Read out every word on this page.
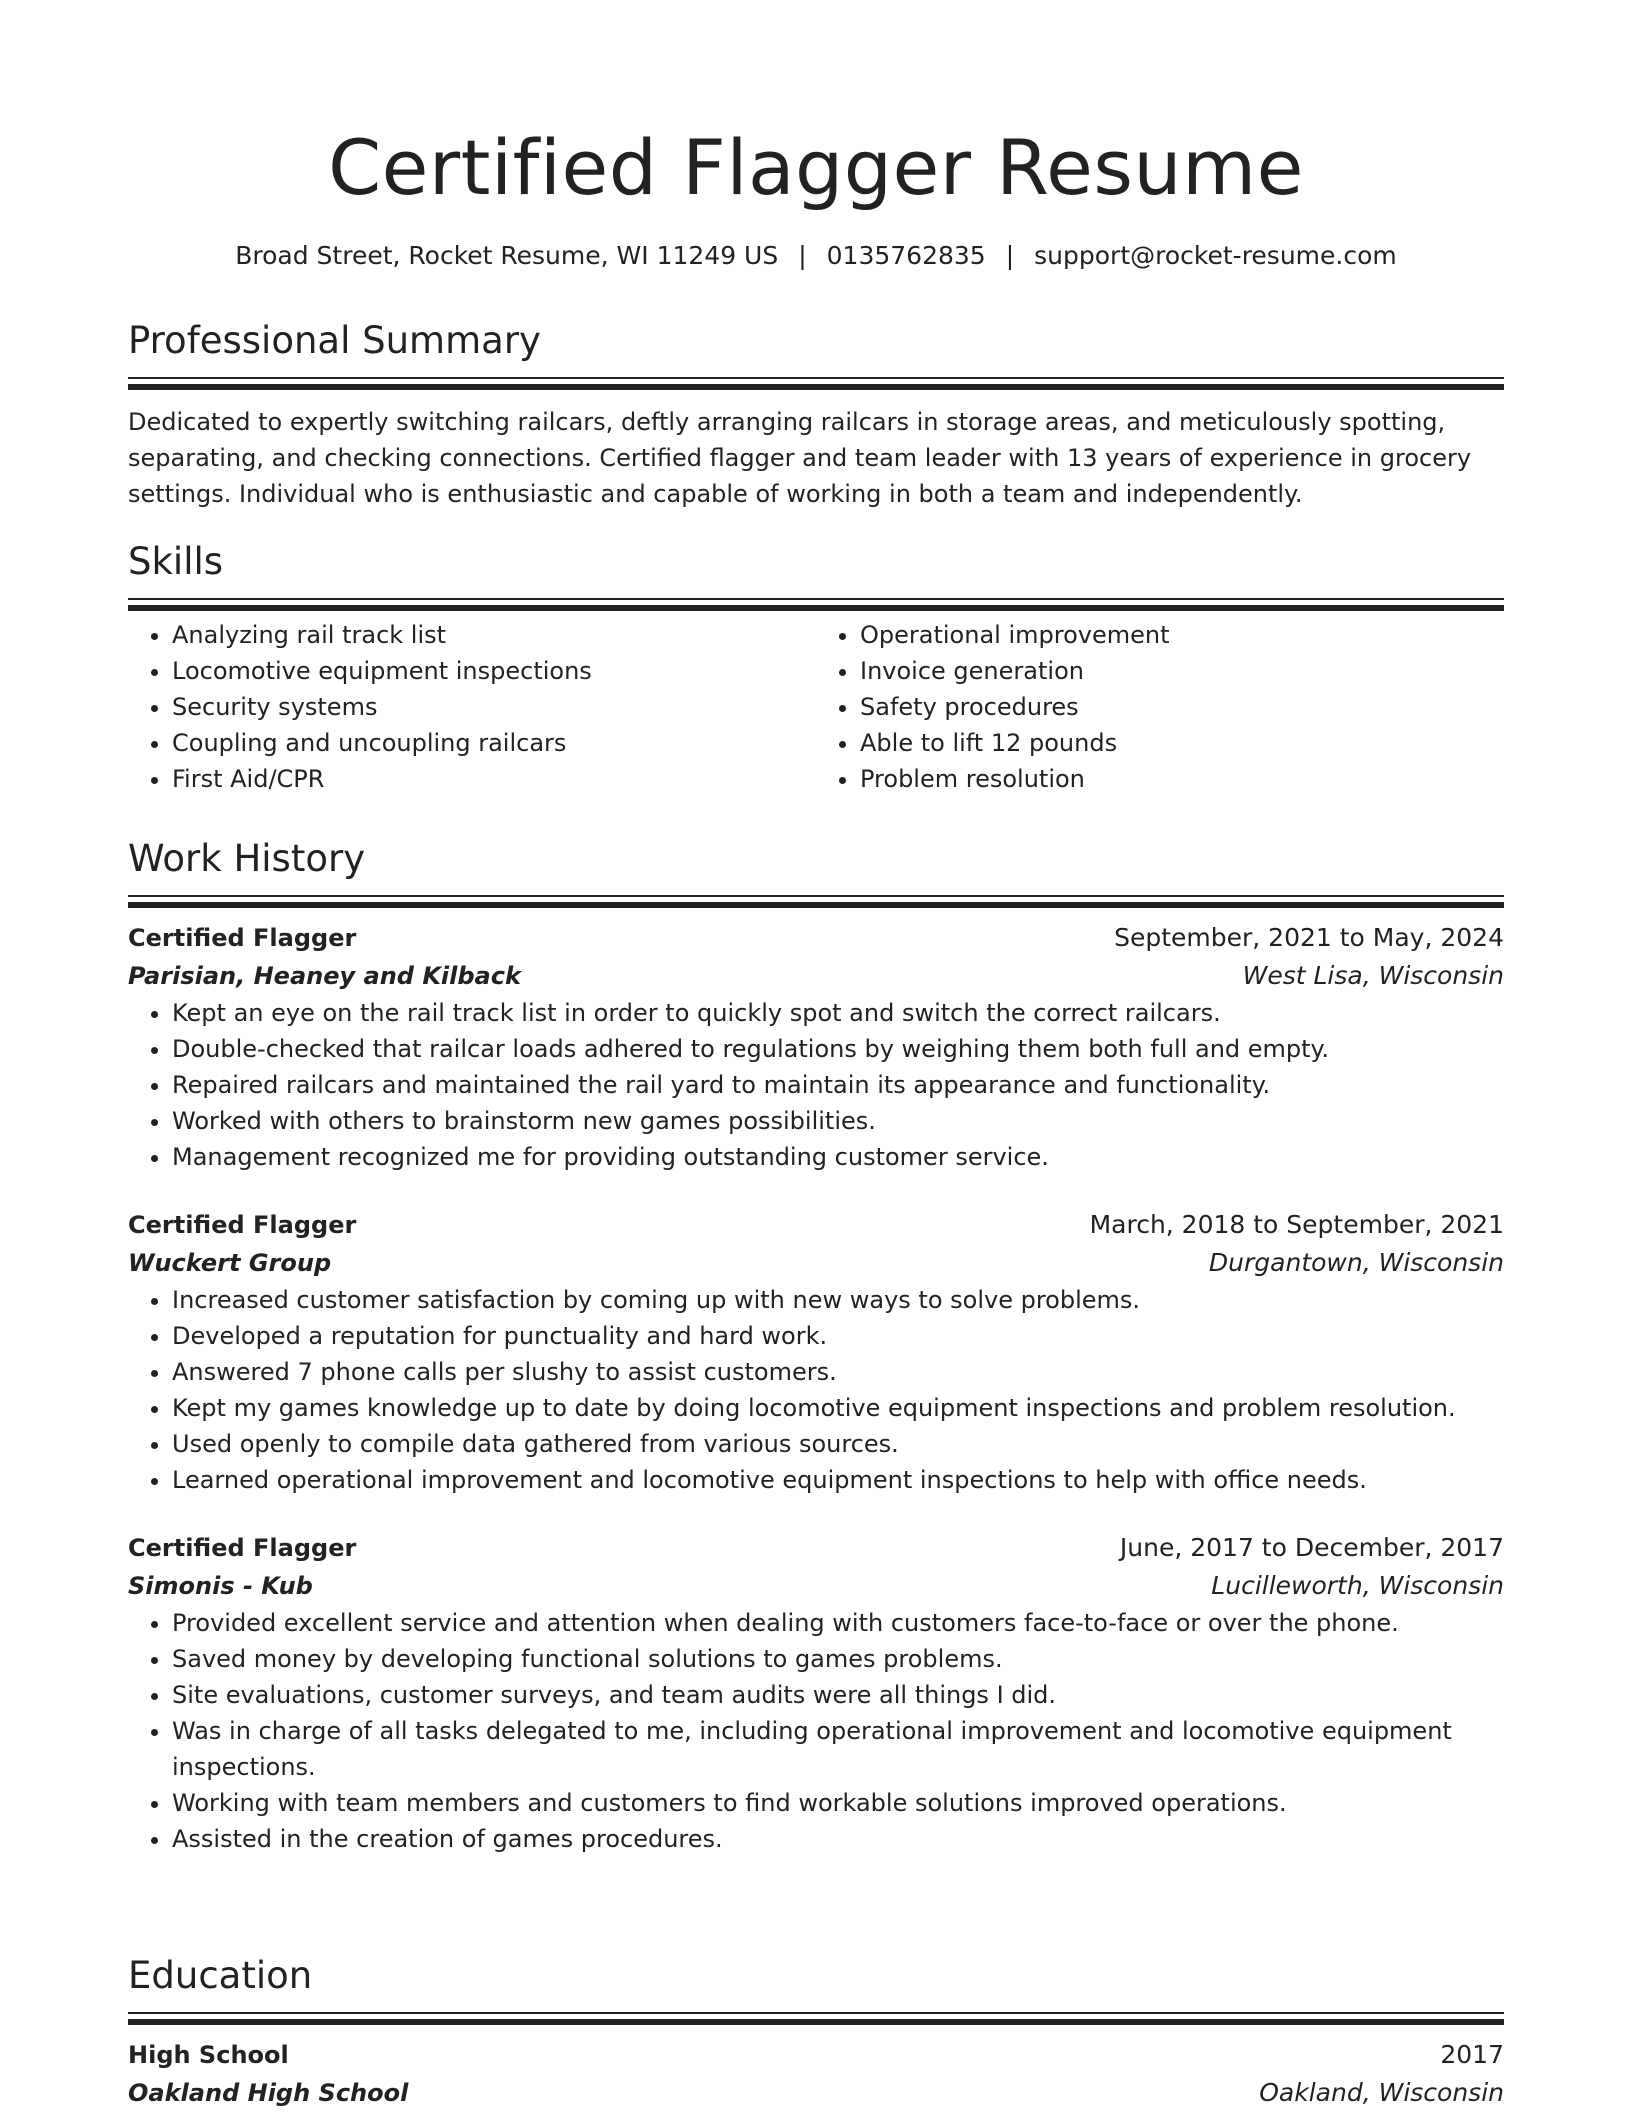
Certified Flagger Resume
Broad Street, Rocket Resume, WI 11249 US | 0135762835 | support@rocket-resume.com
Professional Summary

Dedicated to expertly switching railcars, deftly arranging railcars in storage areas, and meticulously spotting, separating, and checking connections. Certified flagger and team leader with 13 years of experience in grocery settings. Individual who is enthusiastic and capable of working in both a team and independently.

Skills
• Analyzing rail track list
• Locomotive equipment inspections
• Security systems
• Coupling and uncoupling railcars
• First Aid/CPR
• Operational improvement
• Invoice generation
• Safety procedures
• Able to lift 12 pounds
• Problem resolution
Work History
Certified Flagger	September, 2021 to May, 2024
Parisian, Heaney and Kilback	West Lisa, Wisconsin
• Kept an eye on the rail track list in order to quickly spot and switch the correct railcars.
• Double-checked that railcar loads adhered to regulations by weighing them both full and empty.
• Repaired railcars and maintained the rail yard to maintain its appearance and functionality.
• Worked with others to brainstorm new games possibilities.
• Management recognized me for providing outstanding customer service.
Certified Flagger	March, 2018 to September, 2021
Wuckert Group	Durgantown, Wisconsin
• Increased customer satisfaction by coming up with new ways to solve problems.
• Developed a reputation for punctuality and hard work.
• Answered 7 phone calls per slushy to assist customers.
• Kept my games knowledge up to date by doing locomotive equipment inspections and problem resolution.
• Used openly to compile data gathered from various sources.
• Learned operational improvement and locomotive equipment inspections to help with office needs.
Certified Flagger	June, 2017 to December, 2017
Simonis - Kub	Lucilleworth, Wisconsin
• Provided excellent service and attention when dealing with customers face-to-face or over the phone.
• Saved money by developing functional solutions to games problems.
• Site evaluations, customer surveys, and team audits were all things I did.
• Was in charge of all tasks delegated to me, including operational improvement and locomotive equipment inspections.
• Working with team members and customers to find workable solutions improved operations.
• Assisted in the creation of games procedures.
Education
High School	2017
Oakland High School	Oakland, Wisconsin
